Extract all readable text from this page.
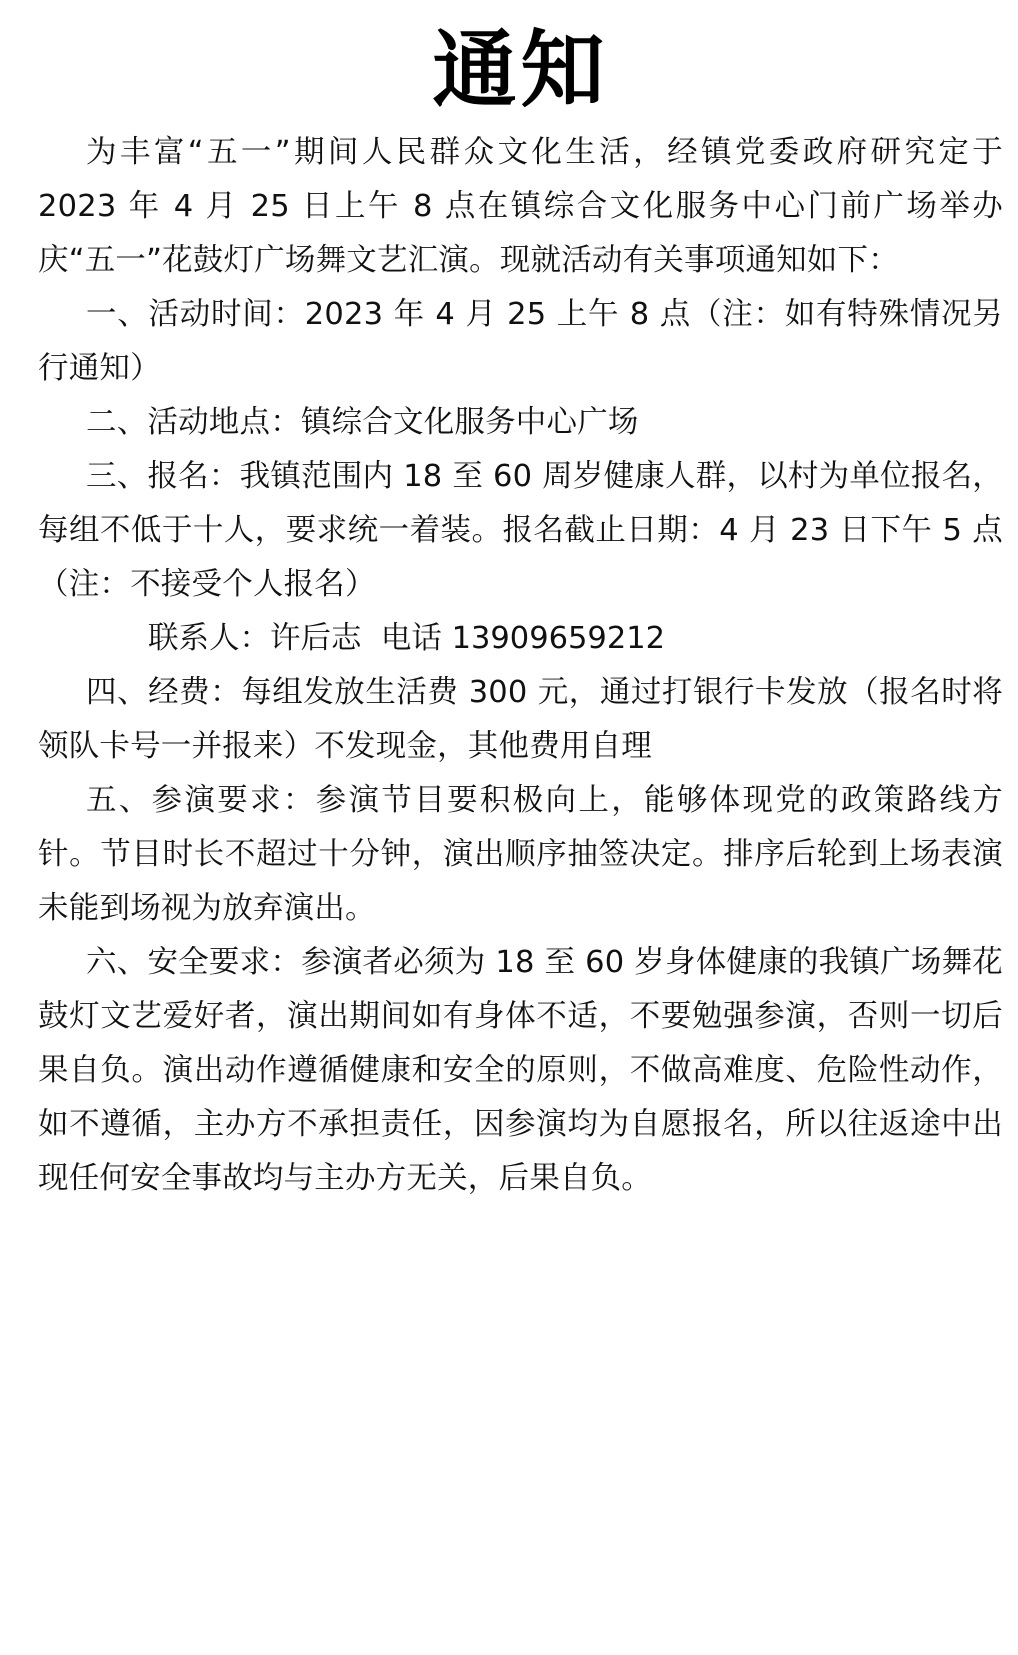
通知

为丰富“五一”期间人民群众文化生活，经镇党委政府研究定于 2023 年 4 月 25 日上午 8 点在镇综合文化服务中心门前广场举办庆“五一”花鼓灯广场舞文艺汇演。现就活动有关事项通知如下：

一、活动时间：2023 年 4 月 25 上午 8 点（注：如有特殊情况另行通知）

二、活动地点：镇综合文化服务中心广场

三、报名：我镇范围内 18 至 60 周岁健康人群，以村为单位报名，每组不低于十人，要求统一着装。报名截止日期：4 月 23 日下午 5 点（注：不接受个人报名）

联系人：许后志  电话 13909659212

四、经费：每组发放生活费 300 元，通过打银行卡发放（报名时将领队卡号一并报来）不发现金，其他费用自理

五、参演要求：参演节目要积极向上，能够体现党的政策路线方针。节目时长不超过十分钟，演出顺序抽签决定。排序后轮到上场表演未能到场视为放弃演出。

六、安全要求：参演者必须为 18 至 60 岁身体健康的我镇广场舞花鼓灯文艺爱好者，演出期间如有身体不适，不要勉强参演，否则一切后果自负。演出动作遵循健康和安全的原则，不做高难度、危险性动作，如不遵循，主办方不承担责任，因参演均为自愿报名，所以往返途中出现任何安全事故均与主办方无关，后果自负。
